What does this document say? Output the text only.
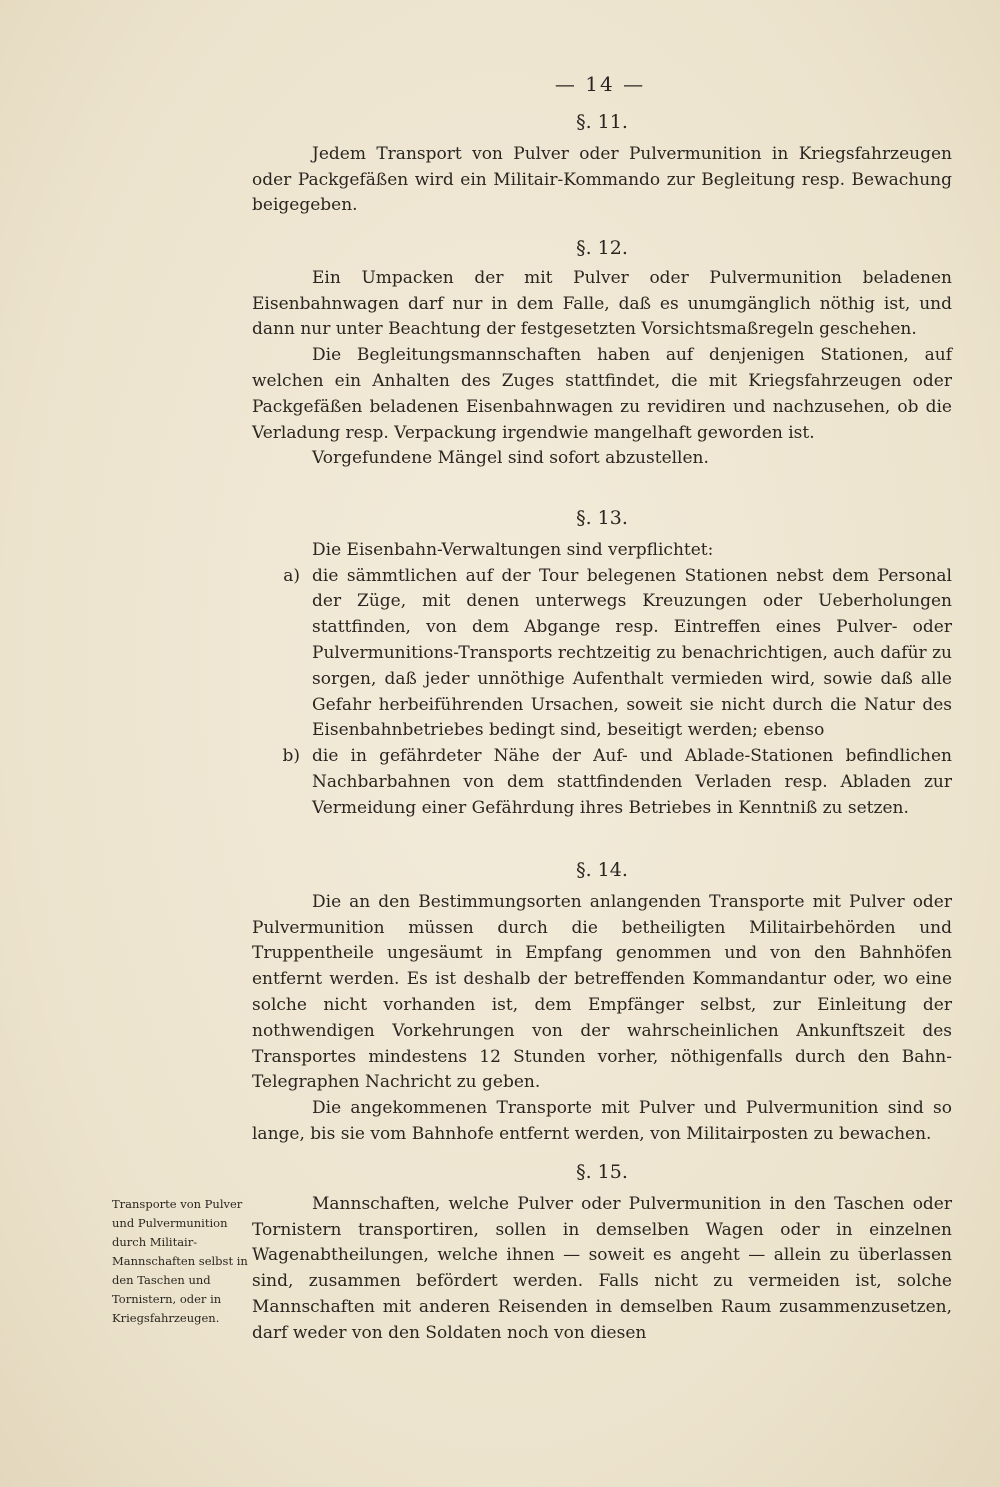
— 14 —
§. 11.

Jedem Transport von Pulver oder Pulvermunition in Kriegsfahrzeugen oder Packgefäßen wird ein Militair-Kommando zur Begleitung resp. Bewachung beigegeben.

§. 12.

Ein Umpacken der mit Pulver oder Pulvermunition beladenen Eisenbahnwagen darf nur in dem Falle, daß es unumgänglich nöthig ist, und dann nur unter Beachtung der festgesetzten Vorsichtsmaßregeln geschehen.

Die Begleitungsmannschaften haben auf denjenigen Stationen, auf welchen ein Anhalten des Zuges stattfindet, die mit Kriegsfahrzeugen oder Packgefäßen beladenen Eisenbahnwagen zu revidiren und nachzusehen, ob die Verladung resp. Verpackung irgendwie mangelhaft geworden ist.

Vorgefundene Mängel sind sofort abzustellen.

§. 13.

Die Eisenbahn-Verwaltungen sind verpflichtet:

a) die sämmtlichen auf der Tour belegenen Stationen nebst dem Personal der Züge, mit denen unterwegs Kreuzungen oder Ueberholungen stattfinden, von dem Abgange resp. Eintreffen eines Pulver- oder Pulvermunitions-Transports rechtzeitig zu benachrichtigen, auch dafür zu sorgen, daß jeder unnöthige Aufenthalt vermieden wird, sowie daß alle Gefahr herbeiführenden Ursachen, soweit sie nicht durch die Natur des Eisenbahnbetriebes bedingt sind, beseitigt werden; ebenso
b) die in gefährdeter Nähe der Auf- und Ablade-Stationen befindlichen Nachbarbahnen von dem stattfindenden Verladen resp. Abladen zur Vermeidung einer Gefährdung ihres Betriebes in Kenntniß zu setzen.
§. 14.

Die an den Bestimmungsorten anlangenden Transporte mit Pulver oder Pulvermunition müssen durch die betheiligten Militairbehörden und Truppentheile ungesäumt in Empfang genommen und von den Bahnhöfen entfernt werden. Es ist deshalb der betreffenden Kommandantur oder, wo eine solche nicht vorhanden ist, dem Empfänger selbst, zur Einleitung der nothwendigen Vorkehrungen von der wahrscheinlichen Ankunftszeit des Transportes mindestens 12 Stunden vorher, nöthigenfalls durch den Bahn-Telegraphen Nachricht zu geben.

Die angekommenen Transporte mit Pulver und Pulvermunition sind so lange, bis sie vom Bahnhofe entfernt werden, von Militairposten zu bewachen.

§. 15.

Mannschaften, welche Pulver oder Pulvermunition in den Taschen oder Tornistern transportiren, sollen in demselben Wagen oder in einzelnen Wagenabtheilungen, welche ihnen — soweit es angeht — allein zu überlassen sind, zusammen befördert werden. Falls nicht zu vermeiden ist, solche Mannschaften mit anderen Reisenden in demselben Raum zusammenzusetzen, darf weder von den Soldaten noch von diesen

Transporte von Pulver und Pulvermunition durch Militair-Mannschaften selbst in den Taschen und Tornistern, oder in Kriegsfahrzeugen.
